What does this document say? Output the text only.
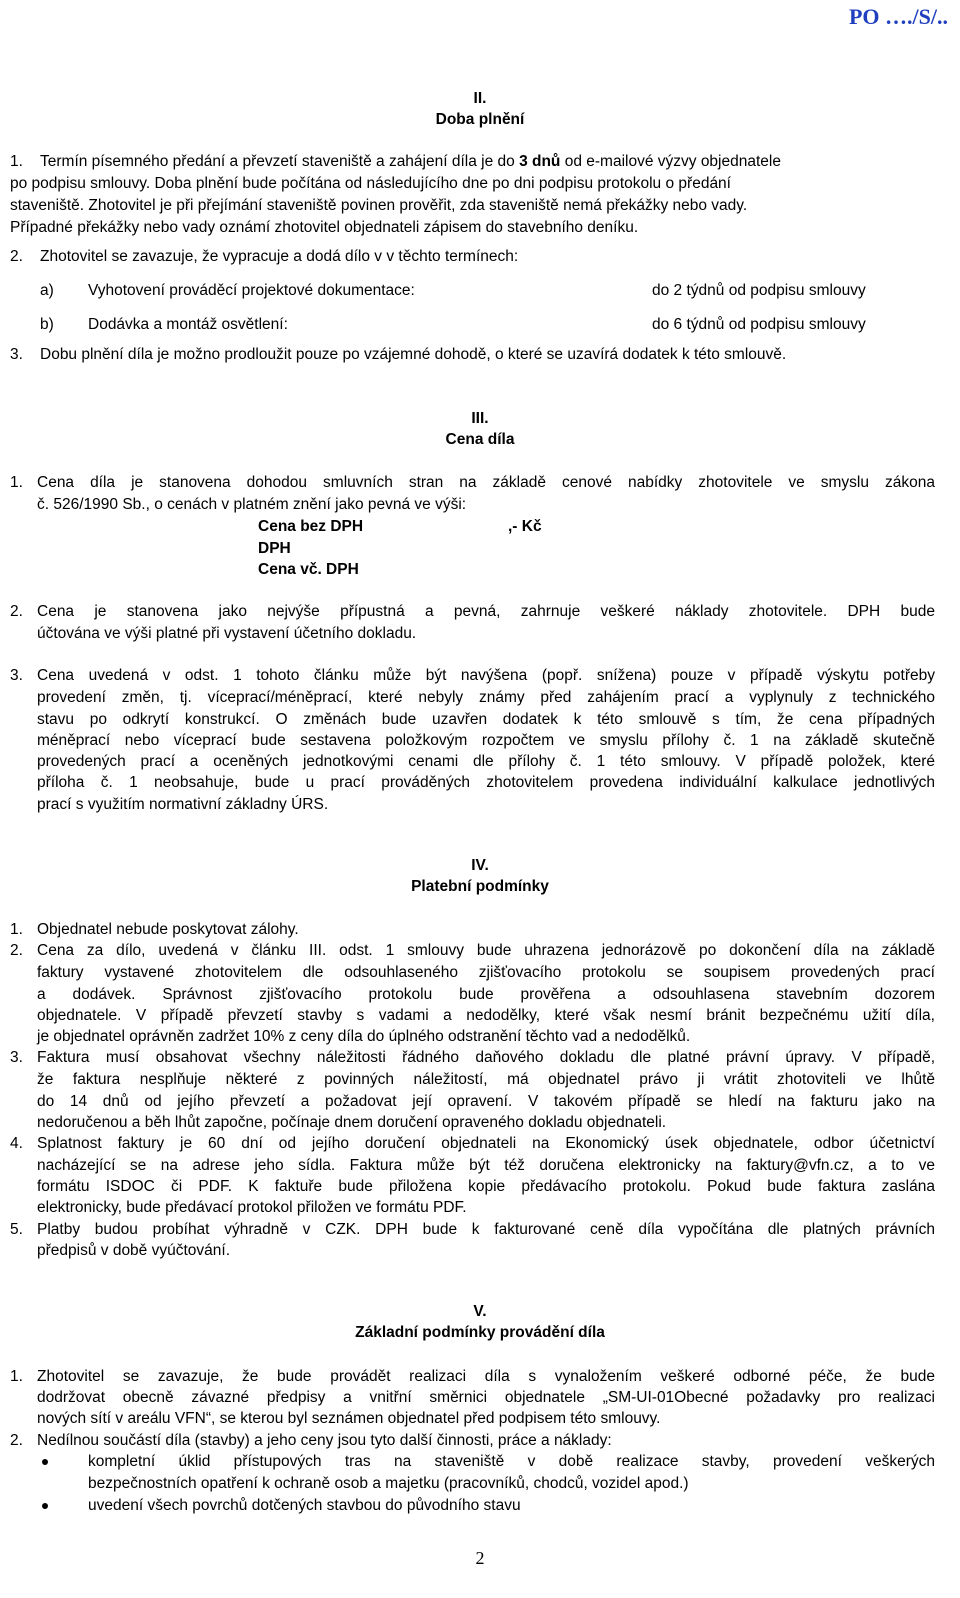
PO …./S/..
II.
Doba plnění
1. Termín písemného předání a převzetí staveniště a zahájení díla je do 3 dnů od e-mailové výzvy objednatele
po podpisu smlouvy. Doba plnění bude počítána od následujícího dne po dni podpisu protokolu o předání
staveniště. Zhotovitel je při přejímání staveniště povinen prověřit, zda staveniště nemá překážky nebo vady.
Případné překážky nebo vady oznámí zhotovitel objednateli zápisem do stavebního deníku.
2. Zhotovitel se zavazuje, že vypracuje a dodá dílo v v těchto termínech:
a) Vyhotovení prováděcí projektové dokumentace:	do 2 týdnů od podpisu smlouvy
b) Dodávka a montáž osvětlení:	do 6 týdnů od podpisu smlouvy
3. Dobu plnění díla je možno prodloužit pouze po vzájemné dohodě, o které se uzavírá dodatek k této smlouvě.
III.
Cena díla
1. Cena díla je stanovena dohodou smluvních stran na základě cenové nabídky zhotovitele ve smyslu zákona
č. 526/1990 Sb., o cenách v platném znění jako pevná ve výši:
Cena bez DPH	,- Kč
DPH
Cena vč. DPH
2. Cena je stanovena jako nejvýše přípustná a pevná, zahrnuje veškeré náklady zhotovitele. DPH bude
účtována ve výši platné při vystavení účetního dokladu.
3. Cena uvedená v odst. 1 tohoto článku může být navýšena (popř. snížena) pouze v případě výskytu potřeby
provedení změn, tj. víceprací/méněprací, které nebyly známy před zahájením prací a vyplynuly z technického
stavu po odkrytí konstrukcí. O změnách bude uzavřen dodatek k této smlouvě s tím, že cena případných
méněprací nebo víceprací bude sestavena položkovým rozpočtem ve smyslu přílohy č. 1 na základě skutečně
provedených prací a oceněných jednotkovými cenami dle přílohy č. 1 této smlouvy. V případě položek, které
příloha č. 1 neobsahuje, bude u prací prováděných zhotovitelem provedena individuální kalkulace jednotlivých
prací s využitím normativní základny ÚRS.
IV.
Platební podmínky
1. Objednatel nebude poskytovat zálohy.
2. Cena za dílo, uvedená v článku III. odst. 1 smlouvy bude uhrazena jednorázově po dokončení díla na základě
faktury vystavené zhotovitelem dle odsouhlaseného zjišťovacího protokolu se soupisem provedených prací
a dodávek. Správnost zjišťovacího protokolu bude prověřena a odsouhlasena stavebním dozorem
objednatele. V případě převzetí stavby s vadami a nedodělky, které však nesmí bránit bezpečnému užití díla,
je objednatel oprávněn zadržet 10% z ceny díla do úplného odstranění těchto vad a nedodělků.
3. Faktura musí obsahovat všechny náležitosti řádného daňového dokladu dle platné právní úpravy. V případě,
že faktura nesplňuje některé z povinných náležitostí, má objednatel právo ji vrátit zhotoviteli ve lhůtě
do 14 dnů od jejího převzetí a požadovat její opravení. V takovém případě se hledí na fakturu jako na
nedoručenou a běh lhůt započne, počínaje dnem doručení opraveného dokladu objednateli.
4. Splatnost faktury je 60 dní od jejího doručení objednateli na Ekonomický úsek objednatele, odbor účetnictví
nacházející se na adrese jeho sídla. Faktura může být též doručena elektronicky na faktury@vfn.cz, a to ve
formátu ISDOC či PDF. K faktuře bude přiložena kopie předávacího protokolu. Pokud bude faktura zaslána
elektronicky, bude předávací protokol přiložen ve formátu PDF.
5. Platby budou probíhat výhradně v CZK. DPH bude k fakturované ceně díla vypočítána dle platných právních
předpisů v době vyúčtování.
V.
Základní podmínky provádění díla
1. Zhotovitel se zavazuje, že bude provádět realizaci díla s vynaložením veškeré odborné péče, že bude
dodržovat obecně závazné předpisy a vnitřní směrnici objednatele „SM-UI-01Obecné požadavky pro realizaci
nových sítí v areálu VFN“, se kterou byl seznámen objednatel před podpisem této smlouvy.
2. Nedílnou součástí díla (stavby) a jeho ceny jsou tyto další činnosti, práce a náklady:
kompletní úklid přístupových tras na staveniště v době realizace stavby, provedení veškerých
bezpečnostních opatření k ochraně osob a majetku (pracovníků, chodců, vozidel apod.)
uvedení všech povrchů dotčených stavbou do původního stavu
2
